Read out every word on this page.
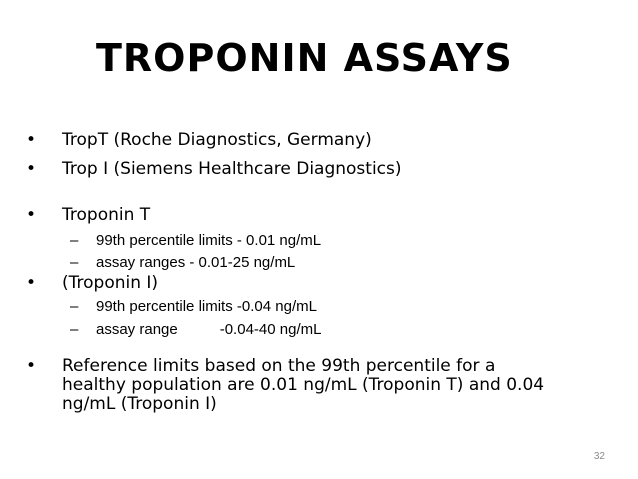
TROPONIN ASSAYS
• TropT (Roche Diagnostics, Germany)
• Trop I (Siemens Healthcare Diagnostics)
• Troponin T
– 99th percentile limits - 0.01 ng/mL
– assay ranges - 0.01-25 ng/mL
• (Troponin I)
– 99th percentile limits -0.04 ng/mL
– assay range	-0.04-40 ng/mL
• Reference limits based on the 99th percentile for a
healthy population are 0.01 ng/mL (Troponin T) and 0.04
ng/mL (Troponin I)
32
